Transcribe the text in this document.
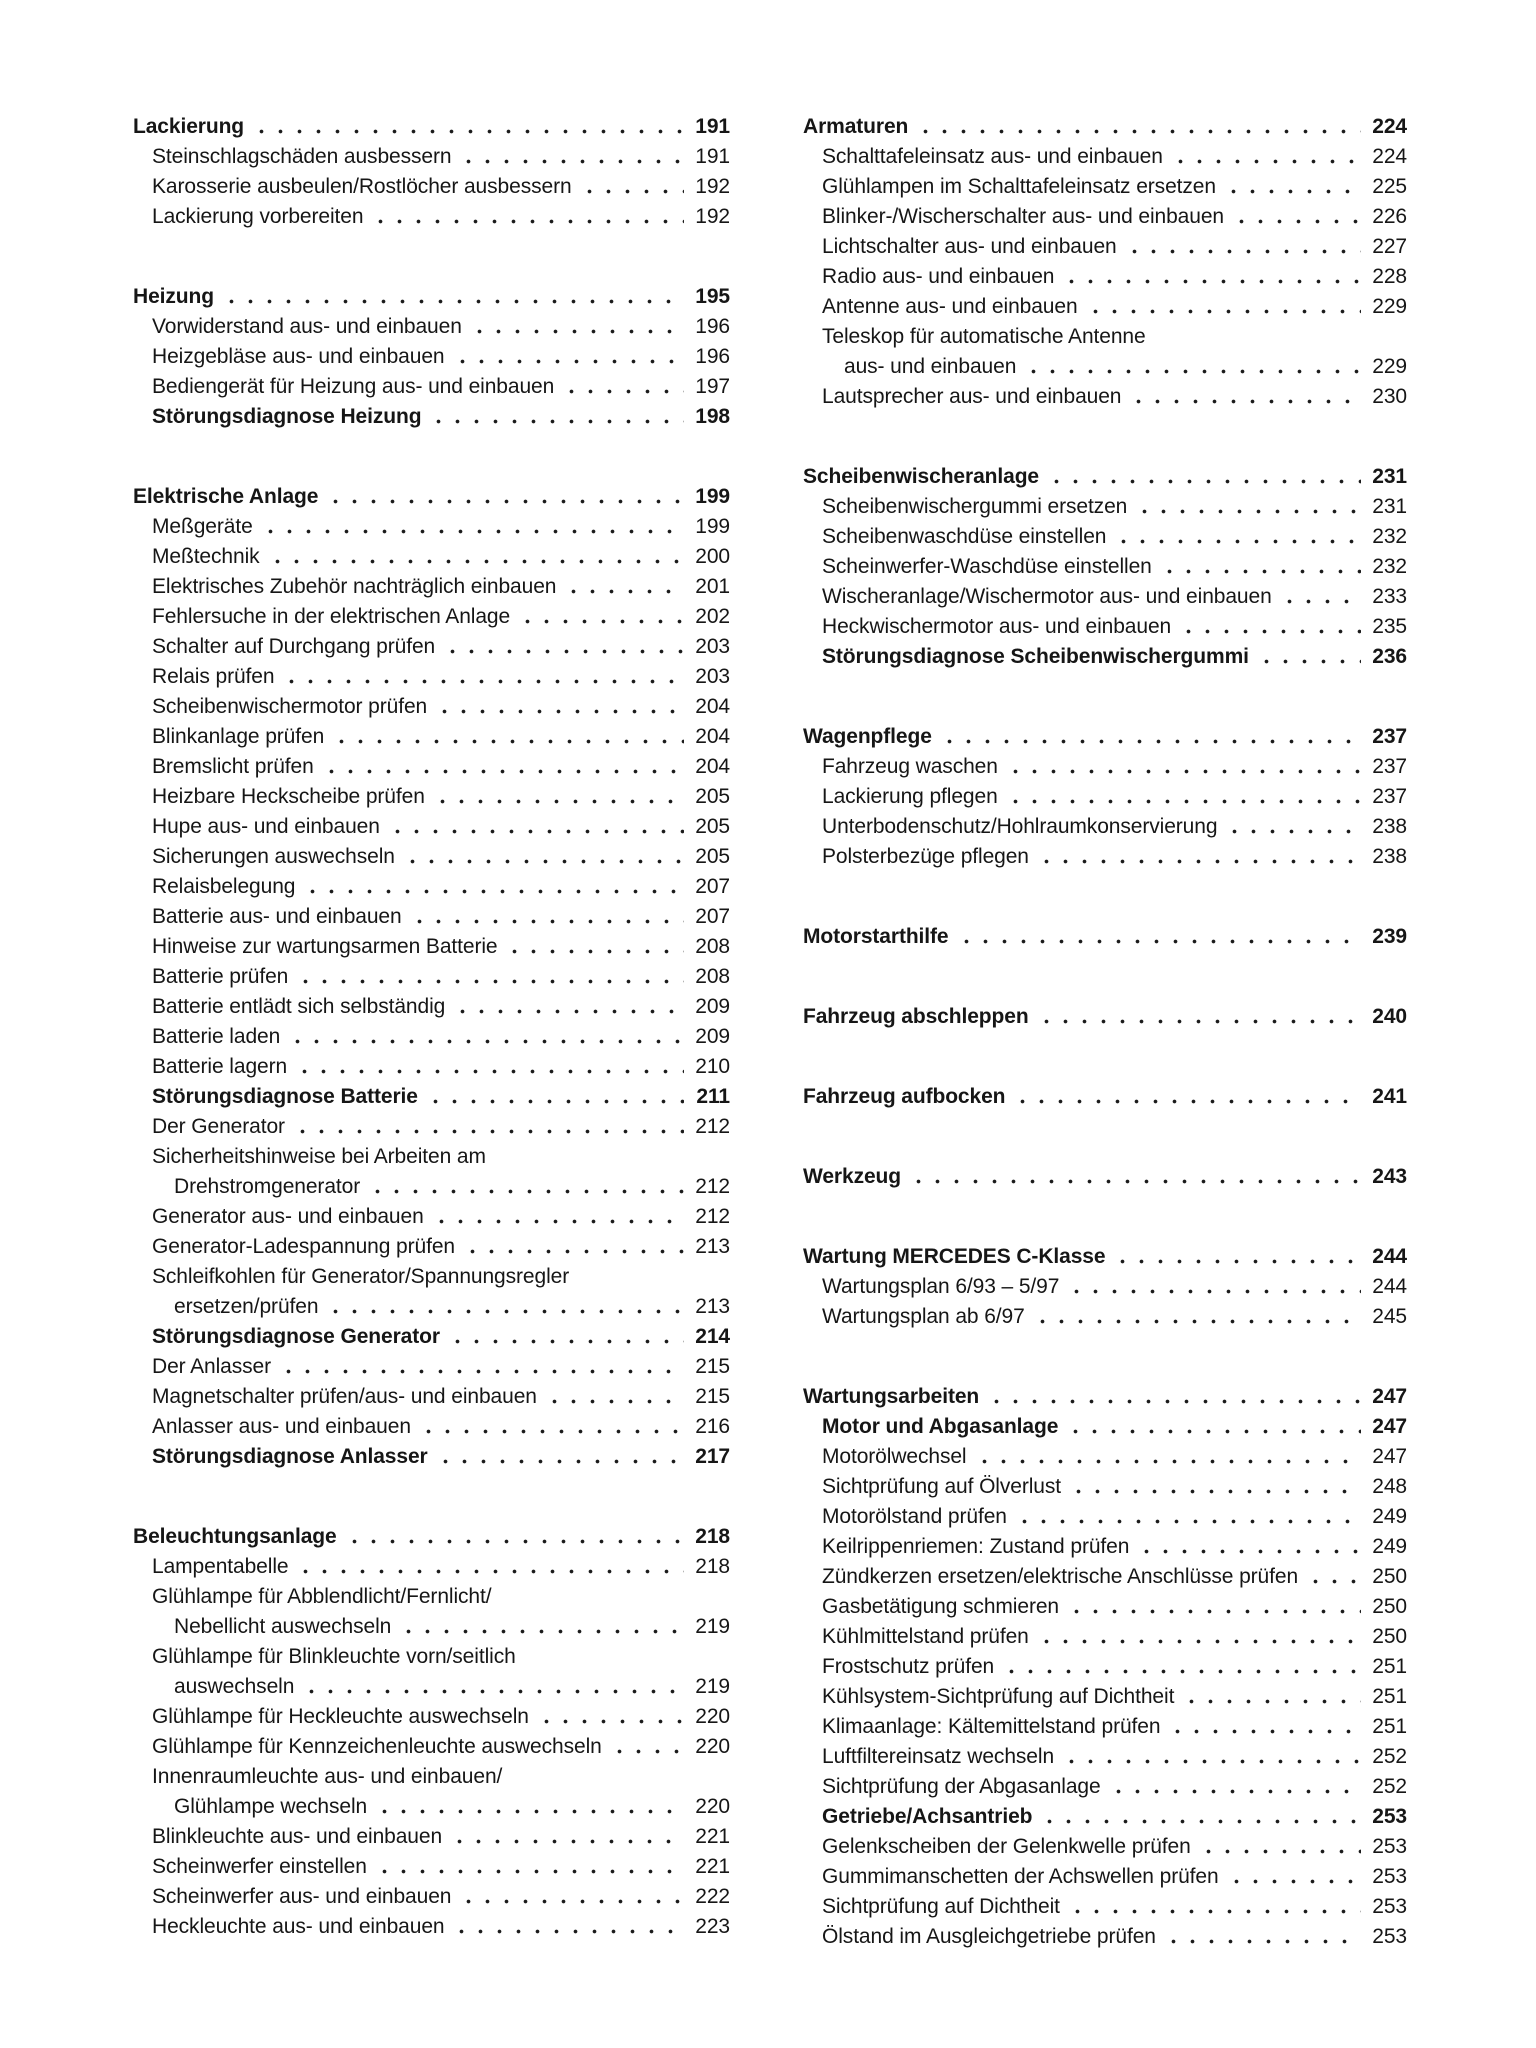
Lackierung	191
Steinschlagschäden ausbessern	191
Karosserie ausbeulen/Rostlöcher ausbessern	192
Lackierung vorbereiten	192
Heizung	195
Vorwiderstand aus- und einbauen	196
Heizgebläse aus- und einbauen	196
Bediengerät für Heizung aus- und einbauen	197
Störungsdiagnose Heizung	198
Elektrische Anlage	199
Meßgeräte	199
Meßtechnik	200
Elektrisches Zubehör nachträglich einbauen	201
Fehlersuche in der elektrischen Anlage	202
Schalter auf Durchgang prüfen	203
Relais prüfen	203
Scheibenwischermotor prüfen	204
Blinkanlage prüfen	204
Bremslicht prüfen	204
Heizbare Heckscheibe prüfen	205
Hupe aus- und einbauen	205
Sicherungen auswechseln	205
Relaisbelegung	207
Batterie aus- und einbauen	207
Hinweise zur wartungsarmen Batterie	208
Batterie prüfen	208
Batterie entlädt sich selbständig	209
Batterie laden	209
Batterie lagern	210
Störungsdiagnose Batterie	211
Der Generator	212
Sicherheitshinweise bei Arbeiten am
Drehstromgenerator	212
Generator aus- und einbauen	212
Generator-Ladespannung prüfen	213
Schleifkohlen für Generator/Spannungsregler
ersetzen/prüfen	213
Störungsdiagnose Generator	214
Der Anlasser	215
Magnetschalter prüfen/aus- und einbauen	215
Anlasser aus- und einbauen	216
Störungsdiagnose Anlasser	217
Beleuchtungsanlage	218
Lampentabelle	218
Glühlampe für Abblendlicht/Fernlicht/
Nebellicht auswechseln	219
Glühlampe für Blinkleuchte vorn/seitlich
auswechseln	219
Glühlampe für Heckleuchte auswechseln	220
Glühlampe für Kennzeichenleuchte auswechseln	220
Innenraumleuchte aus- und einbauen/
Glühlampe wechseln	220
Blinkleuchte aus- und einbauen	221
Scheinwerfer einstellen	221
Scheinwerfer aus- und einbauen	222
Heckleuchte aus- und einbauen	223
Armaturen	224
Schalttafeleinsatz aus- und einbauen	224
Glühlampen im Schalttafeleinsatz ersetzen	225
Blinker-/Wischerschalter aus- und einbauen	226
Lichtschalter aus- und einbauen	227
Radio aus- und einbauen	228
Antenne aus- und einbauen	229
Teleskop für automatische Antenne
aus- und einbauen	229
Lautsprecher aus- und einbauen	230
Scheibenwischeranlage	231
Scheibenwischergummi ersetzen	231
Scheibenwaschdüse einstellen	232
Scheinwerfer-Waschdüse einstellen	232
Wischeranlage/Wischermotor aus- und einbauen	233
Heckwischermotor aus- und einbauen	235
Störungsdiagnose Scheibenwischergummi	236
Wagenpflege	237
Fahrzeug waschen	237
Lackierung pflegen	237
Unterbodenschutz/Hohlraumkonservierung	238
Polsterbezüge pflegen	238
Motorstarthilfe	239
Fahrzeug abschleppen	240
Fahrzeug aufbocken	241
Werkzeug	243
Wartung MERCEDES C-Klasse	244
Wartungsplan 6/93 – 5/97	244
Wartungsplan ab 6/97	245
Wartungsarbeiten	247
Motor und Abgasanlage	247
Motorölwechsel	247
Sichtprüfung auf Ölverlust	248
Motorölstand prüfen	249
Keilrippenriemen: Zustand prüfen	249
Zündkerzen ersetzen/elektrische Anschlüsse prüfen	250
Gasbetätigung schmieren	250
Kühlmittelstand prüfen	250
Frostschutz prüfen	251
Kühlsystem-Sichtprüfung auf Dichtheit	251
Klimaanlage: Kältemittelstand prüfen	251
Luftfiltereinsatz wechseln	252
Sichtprüfung der Abgasanlage	252
Getriebe/Achsantrieb	253
Gelenkscheiben der Gelenkwelle prüfen	253
Gummimanschetten der Achswellen prüfen	253
Sichtprüfung auf Dichtheit	253
Ölstand im Ausgleichgetriebe prüfen	253
